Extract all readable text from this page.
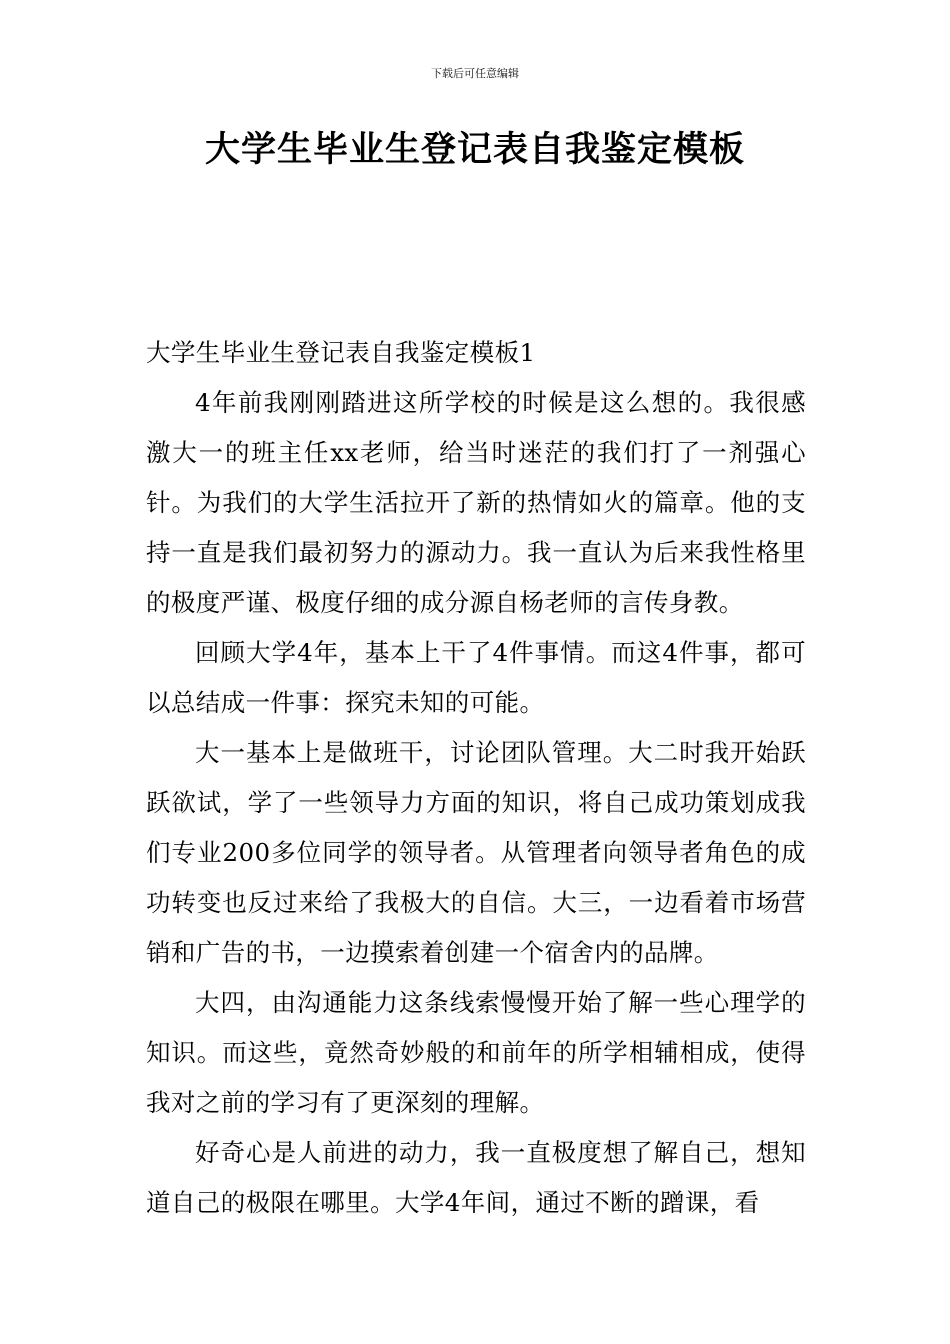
下载后可任意编辑
大学生毕业生登记表自我鉴定模板
大学生毕业生登记表自我鉴定模板1

4年前我刚刚踏进这所学校的时候是这么想的。我很感激大一的班主任xx老师，给当时迷茫的我们打了一剂强心针。为我们的大学生活拉开了新的热情如火的篇章。他的支持一直是我们最初努力的源动力。我一直认为后来我性格里的极度严谨、极度仔细的成分源自杨老师的言传身教。

回顾大学4年，基本上干了4件事情。而这4件事，都可以总结成一件事：探究未知的可能。

大一基本上是做班干，讨论团队管理。大二时我开始跃跃欲试，学了一些领导力方面的知识，将自己成功策划成我们专业200多位同学的领导者。从管理者向领导者角色的成功转变也反过来给了我极大的自信。大三，一边看着市场营销和广告的书，一边摸索着创建一个宿舍内的品牌。

大四，由沟通能力这条线索慢慢开始了解一些心理学的知识。而这些，竟然奇妙般的和前年的所学相辅相成，使得我对之前的学习有了更深刻的理解。

好奇心是人前进的动力，我一直极度想了解自己，想知道自己的极限在哪里。大学4年间，通过不断的蹭课，看
